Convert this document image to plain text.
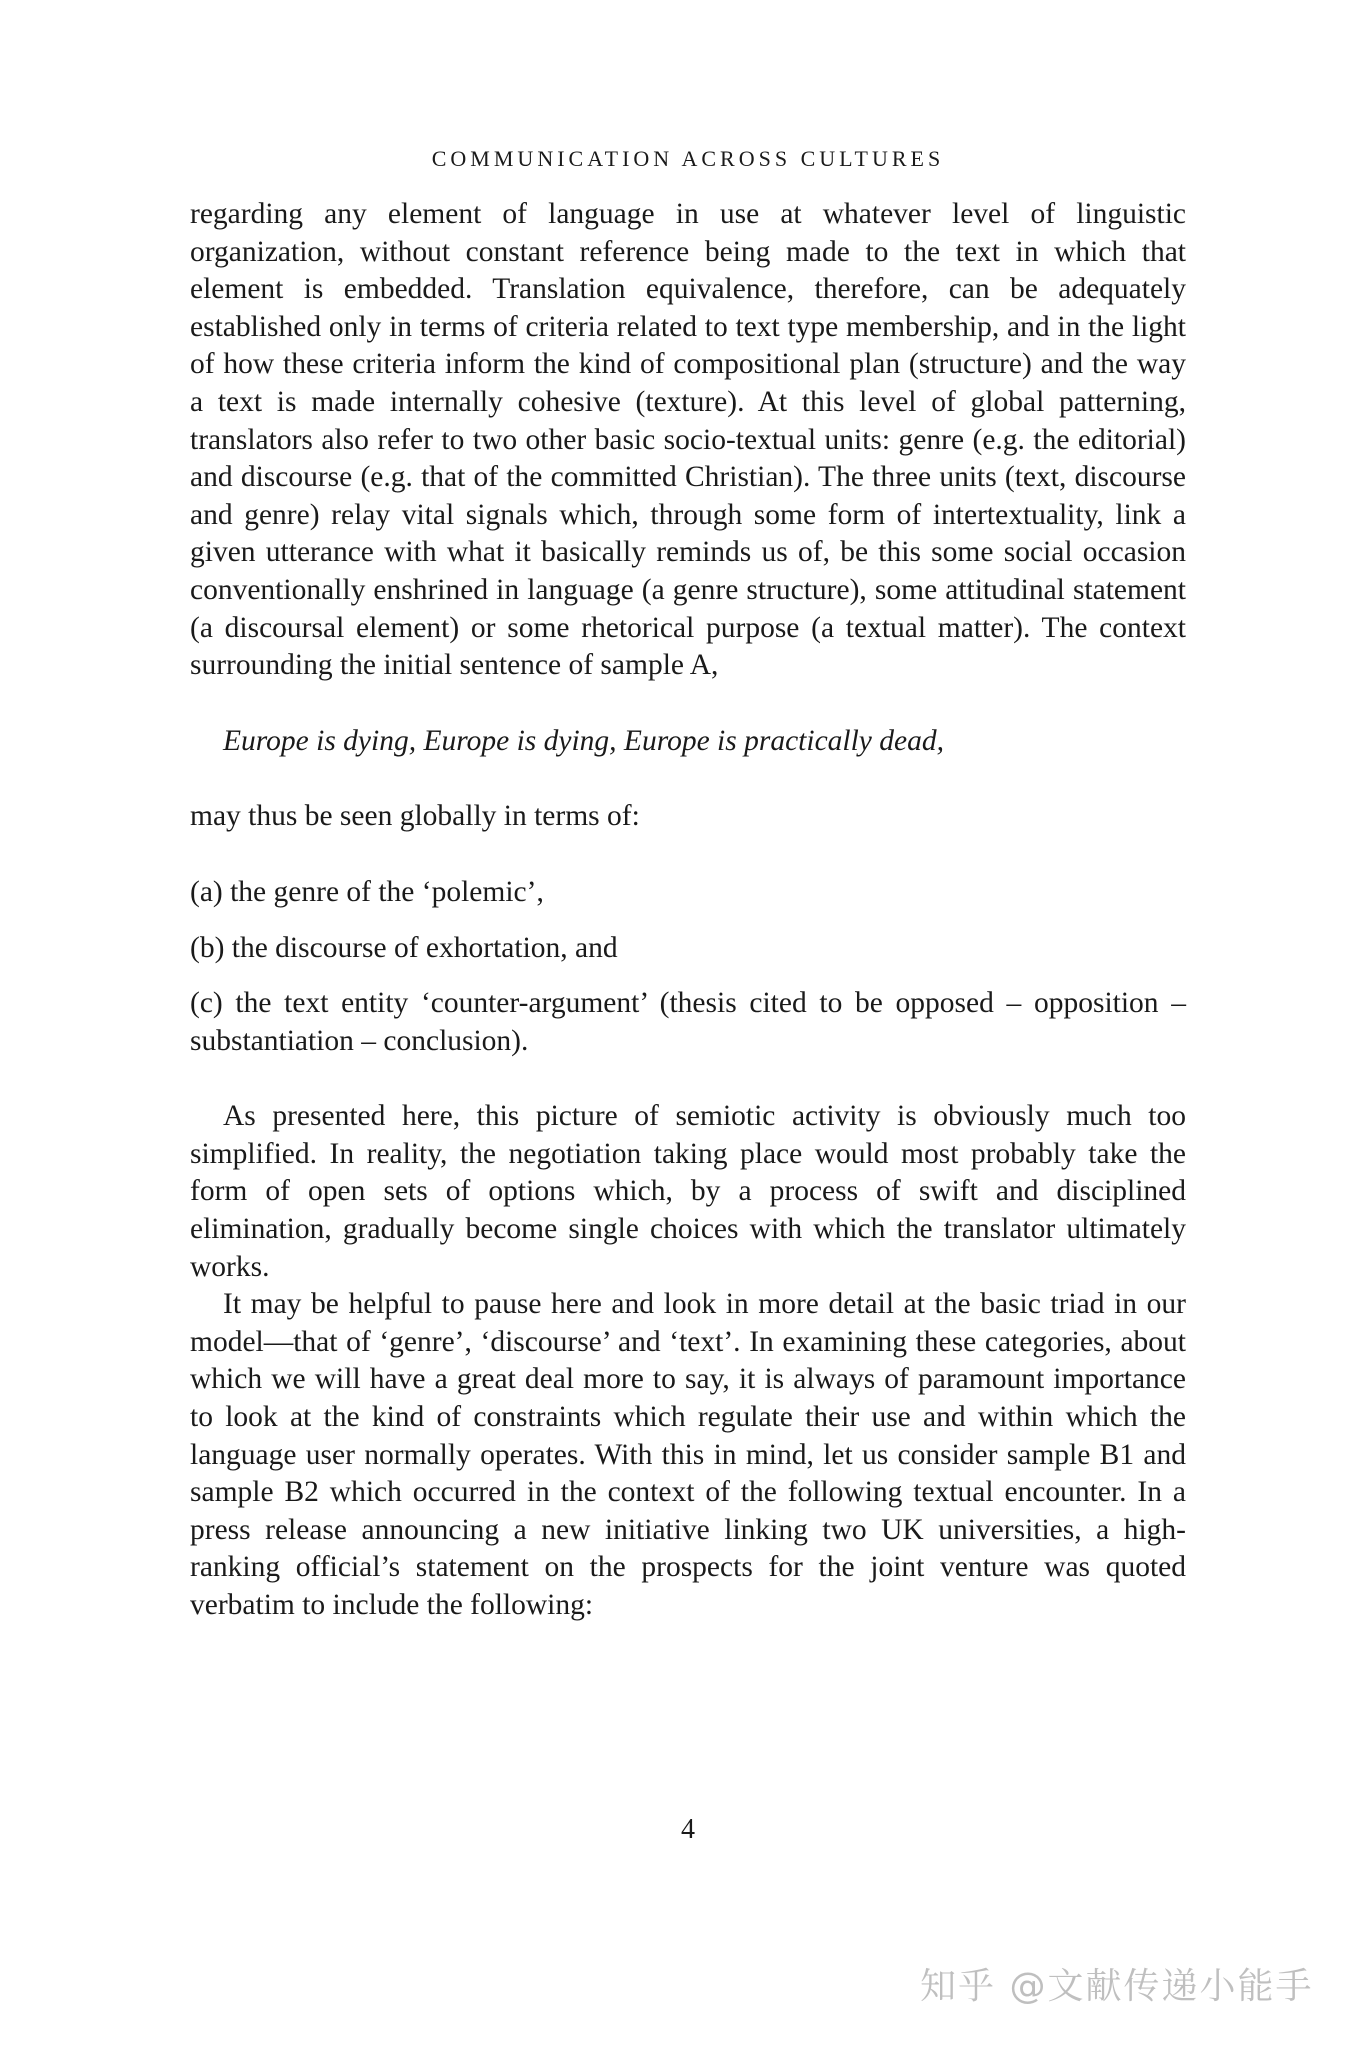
COMMUNICATION ACROSS CULTURES

regarding any element of language in use at whatever level of linguistic organization, without constant reference being made to the text in which that element is embedded. Translation equivalence, therefore, can be adequately established only in terms of criteria related to text type membership, and in the light of how these criteria inform the kind of compositional plan (structure) and the way a text is made internally cohesive (texture). At this level of global patterning, translators also refer to two other basic socio-textual units: genre (e.g. the editorial) and discourse (e.g. that of the committed Christian). The three units (text, discourse and genre) relay vital signals which, through some form of intertextuality, link a given utterance with what it basically reminds us of, be this some social occasion conventionally enshrined in language (a genre structure), some attitudinal statement (a discoursal element) or some rhetorical purpose (a textual matter). The context surrounding the initial sentence of sample A,

Europe is dying, Europe is dying, Europe is practically dead,

may thus be seen globally in terms of:

(a) the genre of the ‘polemic’,

(b) the discourse of exhortation, and

(c) the text entity ‘counter-argument’ (thesis cited to be opposed – opposition – substantiation – conclusion).

As presented here, this picture of semiotic activity is obviously much too simplified. In reality, the negotiation taking place would most probably take the form of open sets of options which, by a process of swift and disciplined elimination, gradually become single choices with which the translator ultimately works.

It may be helpful to pause here and look in more detail at the basic triad in our model—that of ‘genre’, ‘discourse’ and ‘text’. In examining these categories, about which we will have a great deal more to say, it is always of paramount importance to look at the kind of constraints which regulate their use and within which the language user normally operates. With this in mind, let us consider sample B1 and sample B2 which occurred in the context of the following textual encounter. In a press release announcing a new initiative linking two UK universities, a high-ranking official’s statement on the prospects for the joint venture was quoted verbatim to include the following:

4
知乎 @文献传递小能手
